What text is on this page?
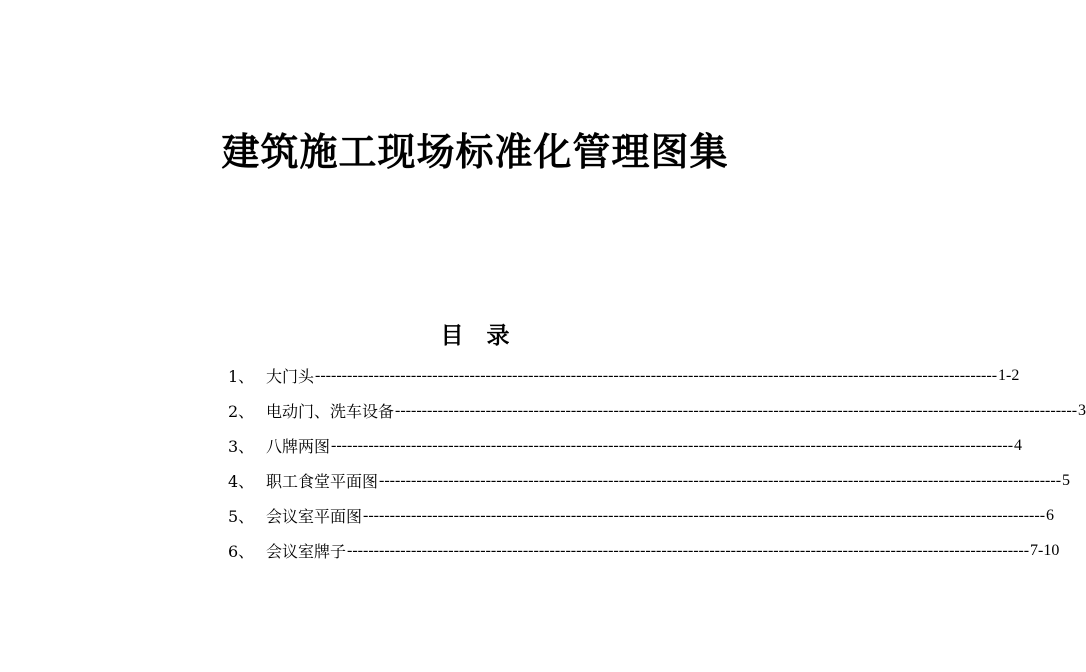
建筑施工现场标准化管理图集
目　录
1、 大门头 -------------------------------------------------------------------------------------------------------------------------------- 1-2
2、 电动门、洗车设备 -------------------------------------------------------------------------------------------------------------------------------- 3
3、 八牌两图 -------------------------------------------------------------------------------------------------------------------------------- 4
4、 职工食堂平面图 -------------------------------------------------------------------------------------------------------------------------------- 5
5、 会议室平面图 -------------------------------------------------------------------------------------------------------------------------------- 6
6、 会议室牌子 -------------------------------------------------------------------------------------------------------------------------------- 7-10
